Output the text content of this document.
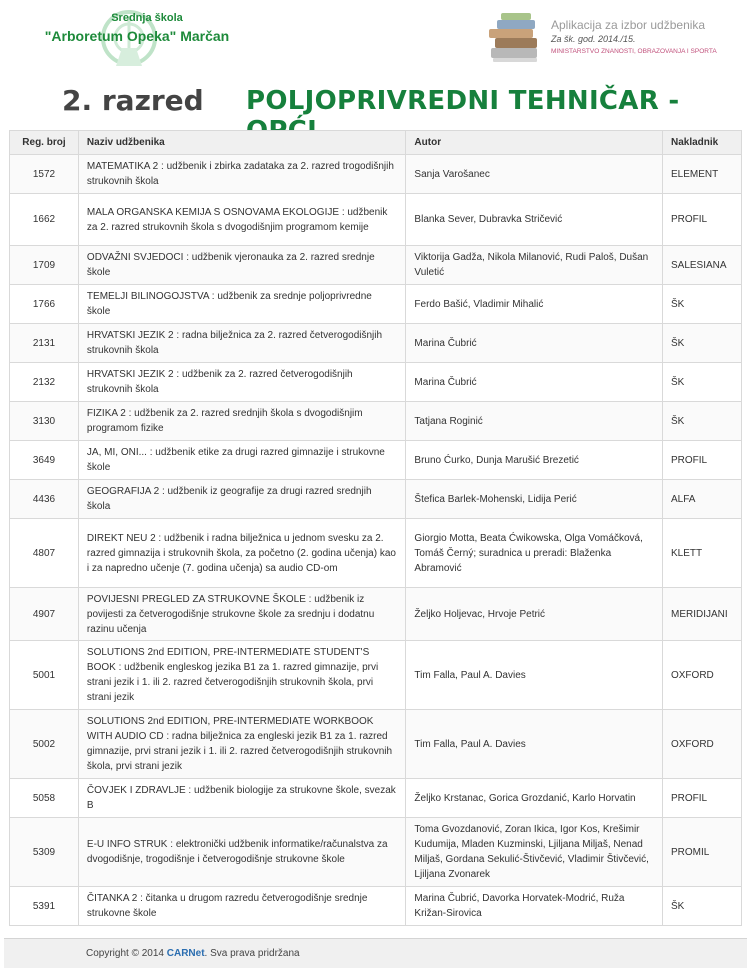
Srednja škola
"Arboretum Opeka" Marčan
Aplikacija za izbor udžbenika
Za šk. god. 2014./15.
MINISTARSTVO ZNANOSTI, OBRAZOVANJA I SPORTA
2. razred POLJOPRIVREDNI TEHNIČAR -
Reg. broj	Naziv udžbenika	Autor	Nakladnik
1572	MATEMATIKA 2 : udžbenik i zbirka zadataka za 2. razred trogodišnjih strukovnih škola	Sanja Varošanec	ELEMENT
1662	MALA ORGANSKA KEMIJA S OSNOVAMA EKOLOGIJE : udžbenik za 2. razred strukovnih škola s dvogodišnjim programom kemije	Blanka Sever, Dubravka Stričević	PROFIL
1709	ODVAŽNI SVJEDOCI : udžbenik vjeronauka za 2. razred srednje škole	Viktorija Gadža, Nikola Milanović, Rudi Paloš, Dušan Vuletić	SALESIANA
1766	TEMELJI BILINOGOJSTVA : udžbenik za srednje poljoprivredne škole	Ferdo Bašić, Vladimir Mihalić	ŠK
2131	HRVATSKI JEZIK 2 : radna bilježnica za 2. razred četverogodišnjih strukovnih škola	Marina Čubrić	ŠK
2132	HRVATSKI JEZIK 2 : udžbenik za 2. razred četverogodišnjih strukovnih škola	Marina Čubrić	ŠK
3130	FIZIKA 2 : udžbenik za 2. razred srednjih škola s dvogodišnjim programom fizike	Tatjana Roginić	ŠK
3649	JA, MI, ONI... : udžbenik etike za drugi razred gimnazije i strukovne škole	Bruno Ćurko, Dunja Marušić Brezetić	PROFIL
4436	GEOGRAFIJA 2 : udžbenik iz geografije za drugi razred srednjih škola	Štefica Barlek-Mohenski, Lidija Perić	ALFA
4807	DIREKT NEU 2 : udžbenik i radna bilježnica u jednom svesku za 2. razred gimnazija i strukovnih škola, za početno (2. godina učenja) kao i za napredno učenje (7. godina učenja) sa audio CD-om	Giorgio Motta, Beata Ćwikowska, Olga Vomáčková, Tomáš Černý; suradnica u preradi: Blaženka Abramović	KLETT
4907	POVIJESNI PREGLED ZA STRUKOVNE ŠKOLE : udžbenik iz povijesti za četverogodišnje strukovne škole za srednju i dodatnu razinu učenja	Željko Holjevac, Hrvoje Petrić	MERIDIJANI
5001	SOLUTIONS 2nd EDITION, PRE-INTERMEDIATE STUDENT'S BOOK : udžbenik engleskog jezika B1 za 1. razred gimnazije, prvi strani jezik i 1. ili 2. razred četverogodišnjih strukovnih škola, prvi strani jezik	Tim Falla, Paul A. Davies	OXFORD
5002	SOLUTIONS 2nd EDITION, PRE-INTERMEDIATE WORKBOOK WITH AUDIO CD : radna bilježnica za engleski jezik B1 za 1. razred gimnazije, prvi strani jezik i 1. ili 2. razred četverogodišnjih strukovnih škola, prvi strani jezik	Tim Falla, Paul A. Davies	OXFORD
5058	ČOVJEK I ZDRAVLJE : udžbenik biologije za strukovne škole, svezak B	Željko Krstanac, Gorica Grozdanić, Karlo Horvatin	PROFIL
5309	E-U INFO STRUK : elektronički udžbenik informatike/računalstva za dvogodišnje, trogodišnje i četverogodišnje strukovne škole	Toma Gvozdanović, Zoran Ikica, Igor Kos, Krešimir Kudumija, Mladen Kuzminski, Ljiljana Miljaš, Nenad Miljaš, Gordana Sekulić-Štivčević, Vladimir Štivčević, Ljiljana Zvonarek	PROMIL
5391	ČITANKA 2 : čitanka u drugom razredu četverogodišnje srednje strukovne škole	Marina Čubrić, Davorka Horvatek-Modrić, Ruža Križan-Sirovica	ŠK
Copyright © 2014 CARNet. Sva prava pridržana
